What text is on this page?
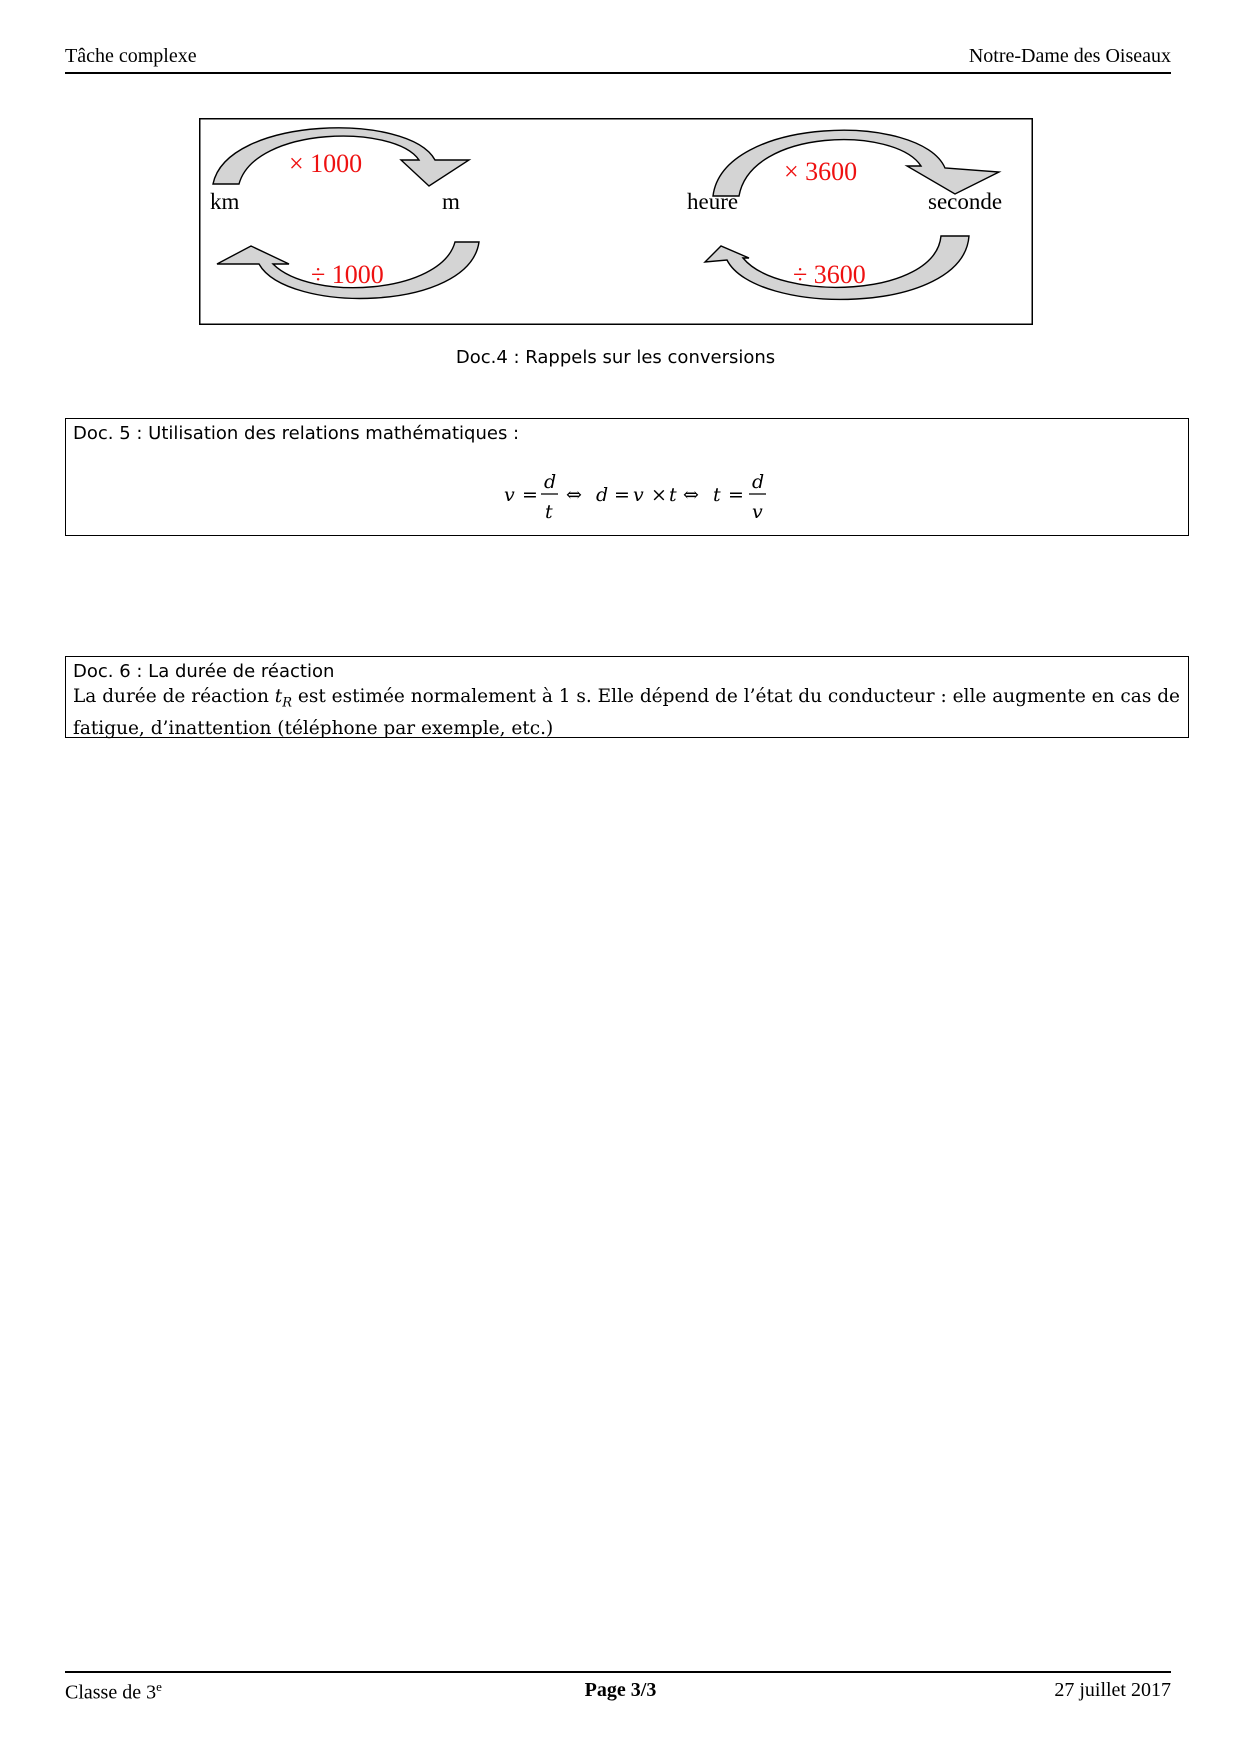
Tâche complexe	Notre-Dame des Oiseaux
× 1000
÷ 1000
km	m
× 3600
÷ 3600
heure	seconde
Doc.4 : Rappels sur les conversions
Doc. 5 : Utilisation des relations mathématiques :
v =
d
t
⇔ d = v × t ⇔ t =
d
v
Doc. 6 : La durée de réaction
La durée de réaction $t_R$ est estimée normalement à 1 s. Elle dépend de l’état du conducteur : elle augmente en cas de fatigue, d’inattention (téléphone par exemple, etc.)
Classe de 3e	Page 3/3	27 juillet 2017
